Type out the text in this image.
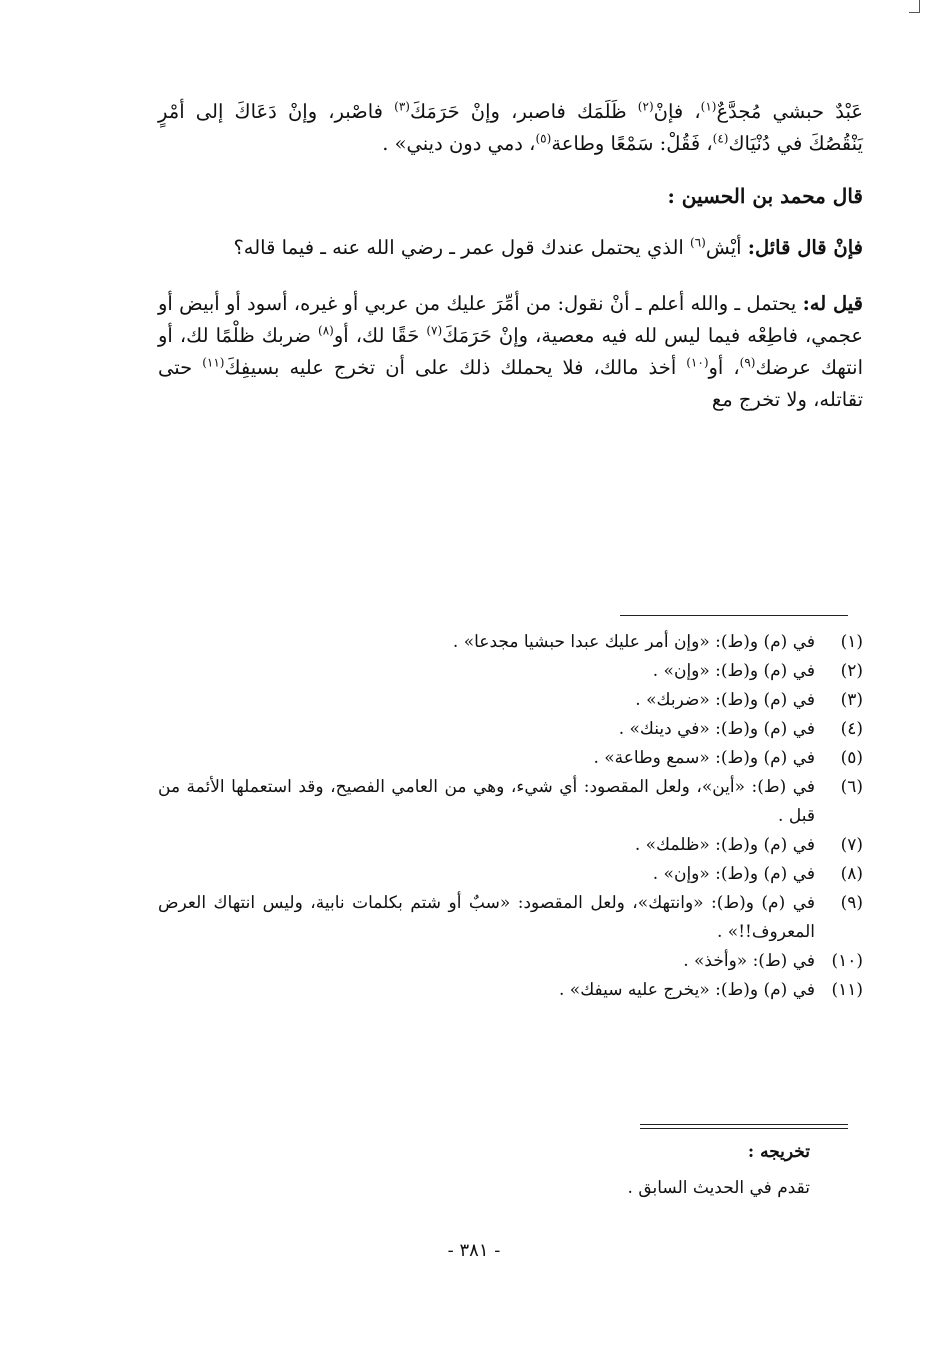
عَبْدٌ حبشي مُجدَّعٌ$^{(١)}$، فإنْ$^{(٢)}$ ظَلَمَك فاصبر، وإنْ حَرَمَكَ$^{(٣)}$ فاصْبر، وإنْ دَعَاكَ إلى أمْرٍ يَنْقُصُكَ في دُنْيَاك$^{(٤)}$، فَقُلْ: سَمْعًا وطاعة$^{(٥)}$، دمي دون ديني» .

قال محمد بن الحسين :

فإنْ قال قائل: أيْش$^{(٦)}$ الذي يحتمل عندك قول عمر ـ رضي الله عنه ـ فيما قاله؟

قيل له: يحتمل ـ والله أعلم ـ أنْ نقول: من أمِّرَ عليك من عربي أو غيره، أسود أو أبيض أو عجمي، فاطِعْه فيما ليس لله فيه معصية، وإنْ حَرَمَكَ$^{(٧)}$ حَقًا لك، أو$^{(٨)}$ ضربك ظلْمًا لك، أو انتهك عرضك$^{(٩)}$، أو$^{(١٠)}$ أخذ مالك، فلا يحملك ذلك على أن تخرج عليه بسيفِكَ$^{(١١)}$ حتى تقاتله، ولا تخرج مع

(١)
في (م) و(ط): «وإن أمر عليك عبدا حبشيا مجدعا» .
(٢)
في (م) و(ط): «وإن» .
(٣)
في (م) و(ط): «ضربك» .
(٤)
في (م) و(ط): «في دينك» .
(٥)
في (م) و(ط): «سمع وطاعة» .
(٦)
في (ط): «أين»، ولعل المقصود: أي شيء، وهي من العامي الفصيح، وقد استعملها الأئمة من قبل .
(٧)
في (م) و(ط): «ظلمك» .
(٨)
في (م) و(ط): «وإن» .
(٩)
في (م) و(ط): «وانتهك»، ولعل المقصود: «سبٌ أو شتم بكلمات نابية، وليس انتهاك العرض المعروف!!» .
(١٠)
في (ط): «وأخذ» .
(١١)
في (م) و(ط): «يخرج عليه سيفك» .
تخريجه :
تقدم في الحديث السابق .
- ٣٨١ -
